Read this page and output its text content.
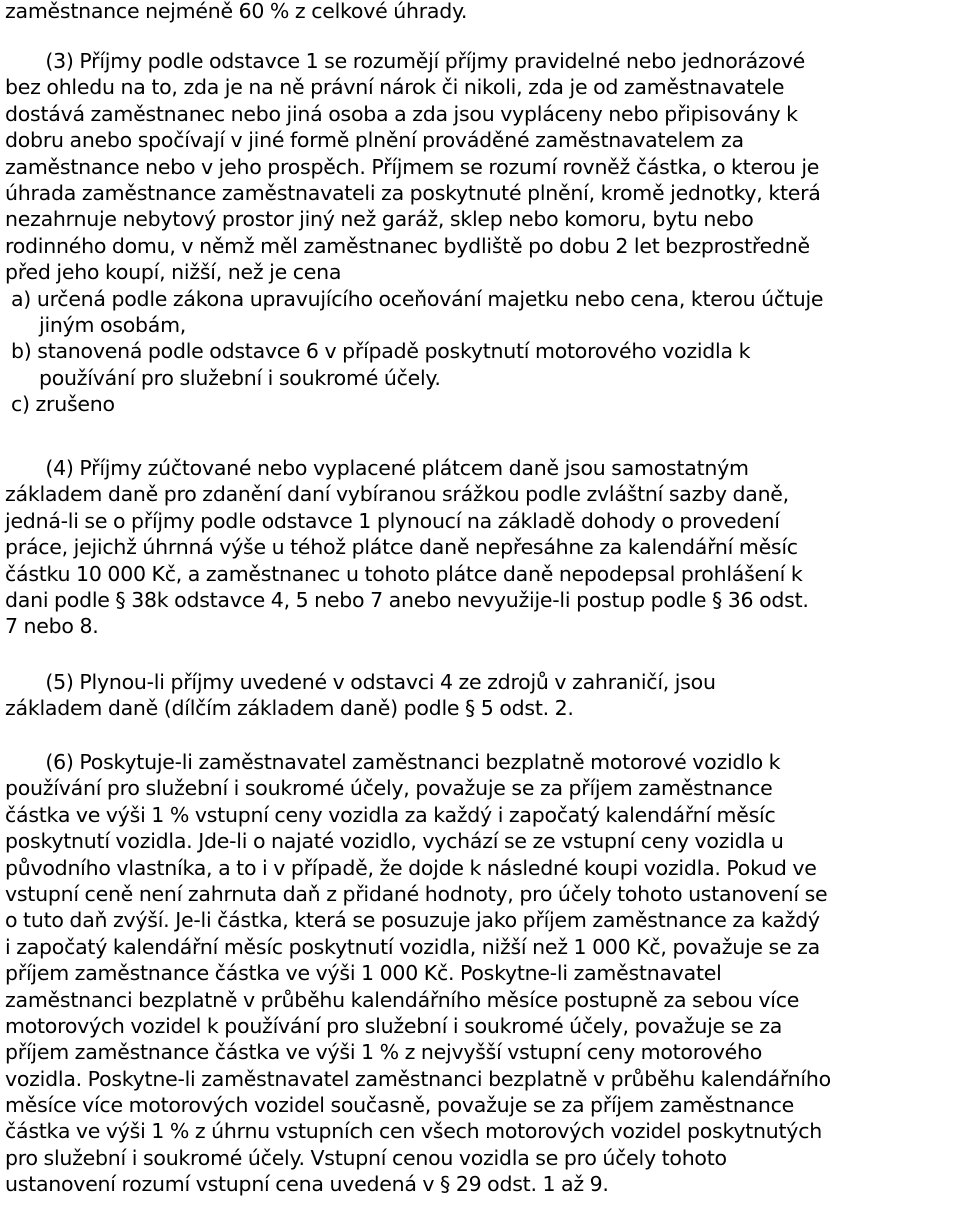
zaměstnance nejméně 60 % z celkové úhrady.
(3) Příjmy podle odstavce 1 se rozumějí příjmy pravidelné nebo jednorázové
bez ohledu na to, zda je na ně právní nárok či nikoli, zda je od zaměstnavatele
dostává zaměstnanec nebo jiná osoba a zda jsou vypláceny nebo připisovány k
dobru anebo spočívají v jiné formě plnění prováděné zaměstnavatelem za
zaměstnance nebo v jeho prospěch. Příjmem se rozumí rovněž částka, o kterou je
úhrada zaměstnance zaměstnavateli za poskytnuté plnění, kromě jednotky, která
nezahrnuje nebytový prostor jiný než garáž, sklep nebo komoru, bytu nebo
rodinného domu, v němž měl zaměstnanec bydliště po dobu 2 let bezprostředně
před jeho koupí, nižší, než je cena
a) určená podle zákona upravujícího oceňování majetku nebo cena, kterou účtuje
jiným osobám,
b) stanovená podle odstavce 6 v případě poskytnutí motorového vozidla k
používání pro služební i soukromé účely.
c) zrušeno
(4) Příjmy zúčtované nebo vyplacené plátcem daně jsou samostatným
základem daně pro zdanění daní vybíranou srážkou podle zvláštní sazby daně,
jedná-li se o příjmy podle odstavce 1 plynoucí na základě dohody o provedení
práce, jejichž úhrnná výše u téhož plátce daně nepřesáhne za kalendářní měsíc
částku 10 000 Kč, a zaměstnanec u tohoto plátce daně nepodepsal prohlášení k
dani podle § 38k odstavce 4, 5 nebo 7 anebo nevyužije-li postup podle § 36 odst.
7 nebo 8.
(5) Plynou-li příjmy uvedené v odstavci 4 ze zdrojů v zahraničí, jsou
základem daně (dílčím základem daně) podle § 5 odst. 2.
(6) Poskytuje-li zaměstnavatel zaměstnanci bezplatně motorové vozidlo k
používání pro služební i soukromé účely, považuje se za příjem zaměstnance
částka ve výši 1 % vstupní ceny vozidla za každý i započatý kalendářní měsíc
poskytnutí vozidla. Jde-li o najaté vozidlo, vychází se ze vstupní ceny vozidla u
původního vlastníka, a to i v případě, že dojde k následné koupi vozidla. Pokud ve
vstupní ceně není zahrnuta daň z přidané hodnoty, pro účely tohoto ustanovení se
o tuto daň zvýší. Je-li částka, která se posuzuje jako příjem zaměstnance za každý
i započatý kalendářní měsíc poskytnutí vozidla, nižší než 1 000 Kč, považuje se za
příjem zaměstnance částka ve výši 1 000 Kč. Poskytne-li zaměstnavatel
zaměstnanci bezplatně v průběhu kalendářního měsíce postupně za sebou více
motorových vozidel k používání pro služební i soukromé účely, považuje se za
příjem zaměstnance částka ve výši 1 % z nejvyšší vstupní ceny motorového
vozidla. Poskytne-li zaměstnavatel zaměstnanci bezplatně v průběhu kalendářního
měsíce více motorových vozidel současně, považuje se za příjem zaměstnance
částka ve výši 1 % z úhrnu vstupních cen všech motorových vozidel poskytnutých
pro služební i soukromé účely. Vstupní cenou vozidla se pro účely tohoto
ustanovení rozumí vstupní cena uvedená v § 29 odst. 1 až 9.
